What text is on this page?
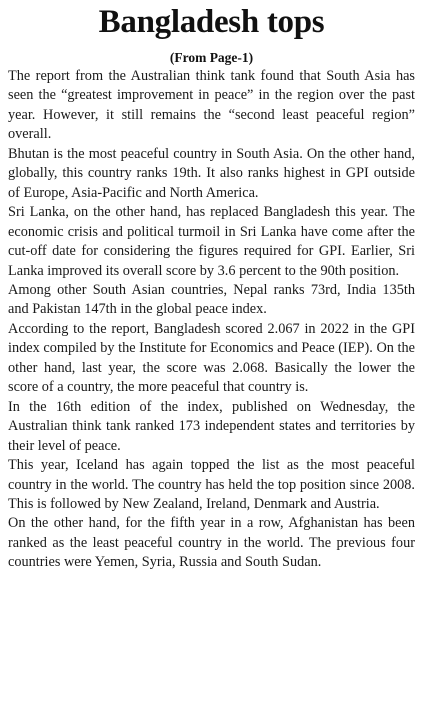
Bangladesh tops
(From Page-1)

The report from the Australian think tank found that South Asia has seen the “greatest improvement in peace” in the region over the past year. However, it still remains the “second least peaceful region” overall.

Bhutan is the most peaceful country in South Asia. On the other hand, globally, this country ranks 19th. It also ranks highest in GPI outside of Europe, Asia-Pacific and North America.

Sri Lanka, on the other hand, has replaced Bangladesh this year. The economic crisis and political turmoil in Sri Lanka have come after the cut-off date for considering the figures required for GPI. Earlier, Sri Lanka improved its overall score by 3.6 percent to the 90th position.

Among other South Asian countries, Nepal ranks 73rd, India 135th and Pakistan 147th in the global peace index.

According to the report, Bangladesh scored 2.067 in 2022 in the GPI index compiled by the Institute for Economics and Peace (IEP). On the other hand, last year, the score was 2.068. Basically the lower the score of a country, the more peaceful that country is.

In the 16th edition of the index, published on Wednesday, the Australian think tank ranked 173 independent states and territories by their level of peace.

This year, Iceland has again topped the list as the most peaceful country in the world. The country has held the top position since 2008. This is followed by New Zealand, Ireland, Denmark and Austria.

On the other hand, for the fifth year in a row, Afghanistan has been ranked as the least peaceful country in the world. The previous four countries were Yemen, Syria, Russia and South Sudan.
